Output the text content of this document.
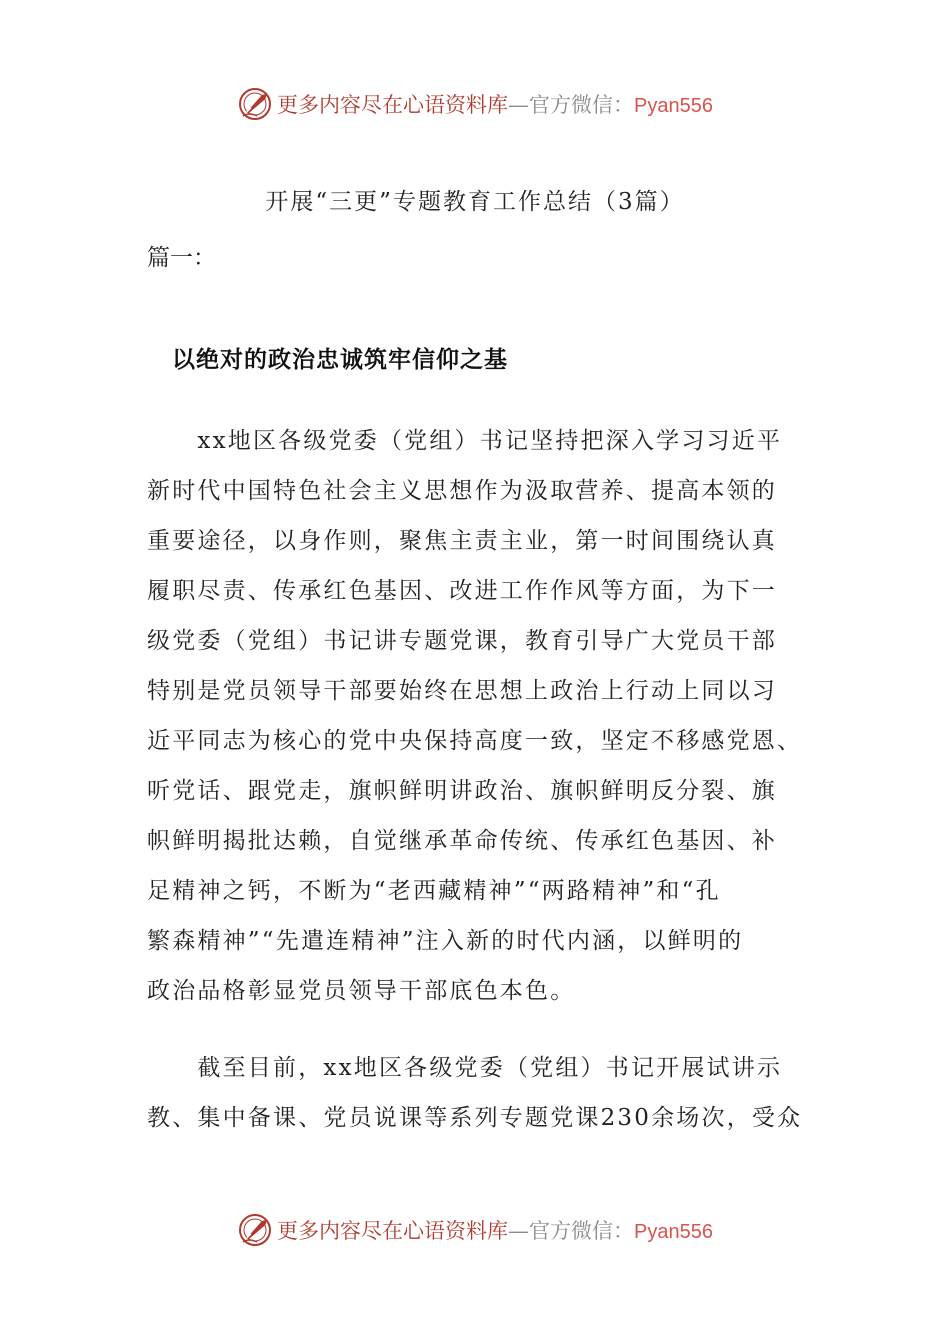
更多内容尽在心语资料库—官方微信：Pyan556
开展“三更”专题教育工作总结（3篇）
篇一：
以绝对的政治忠诚筑牢信仰之基
　　xx地区各级党委（党组）书记坚持把深入学习习近平
新时代中国特色社会主义思想作为汲取营养、提高本领的
重要途径，以身作则，聚焦主责主业，第一时间围绕认真
履职尽责、传承红色基因、改进工作作风等方面，为下一
级党委（党组）书记讲专题党课，教育引导广大党员干部
特别是党员领导干部要始终在思想上政治上行动上同以习
近平同志为核心的党中央保持高度一致，坚定不移感党恩、
听党话、跟党走，旗帜鲜明讲政治、旗帜鲜明反分裂、旗
帜鲜明揭批达赖，自觉继承革命传统、传承红色基因、补
足精神之钙，不断为“老西藏精神”“两路精神”和“孔
繁森精神”“先遣连精神”注入新的时代内涵，以鲜明的
政治品格彰显党员领导干部底色本色。
　　截至目前，xx地区各级党委（党组）书记开展试讲示
教、集中备课、党员说课等系列专题党课230余场次，受众
更多内容尽在心语资料库—官方微信：Pyan556
